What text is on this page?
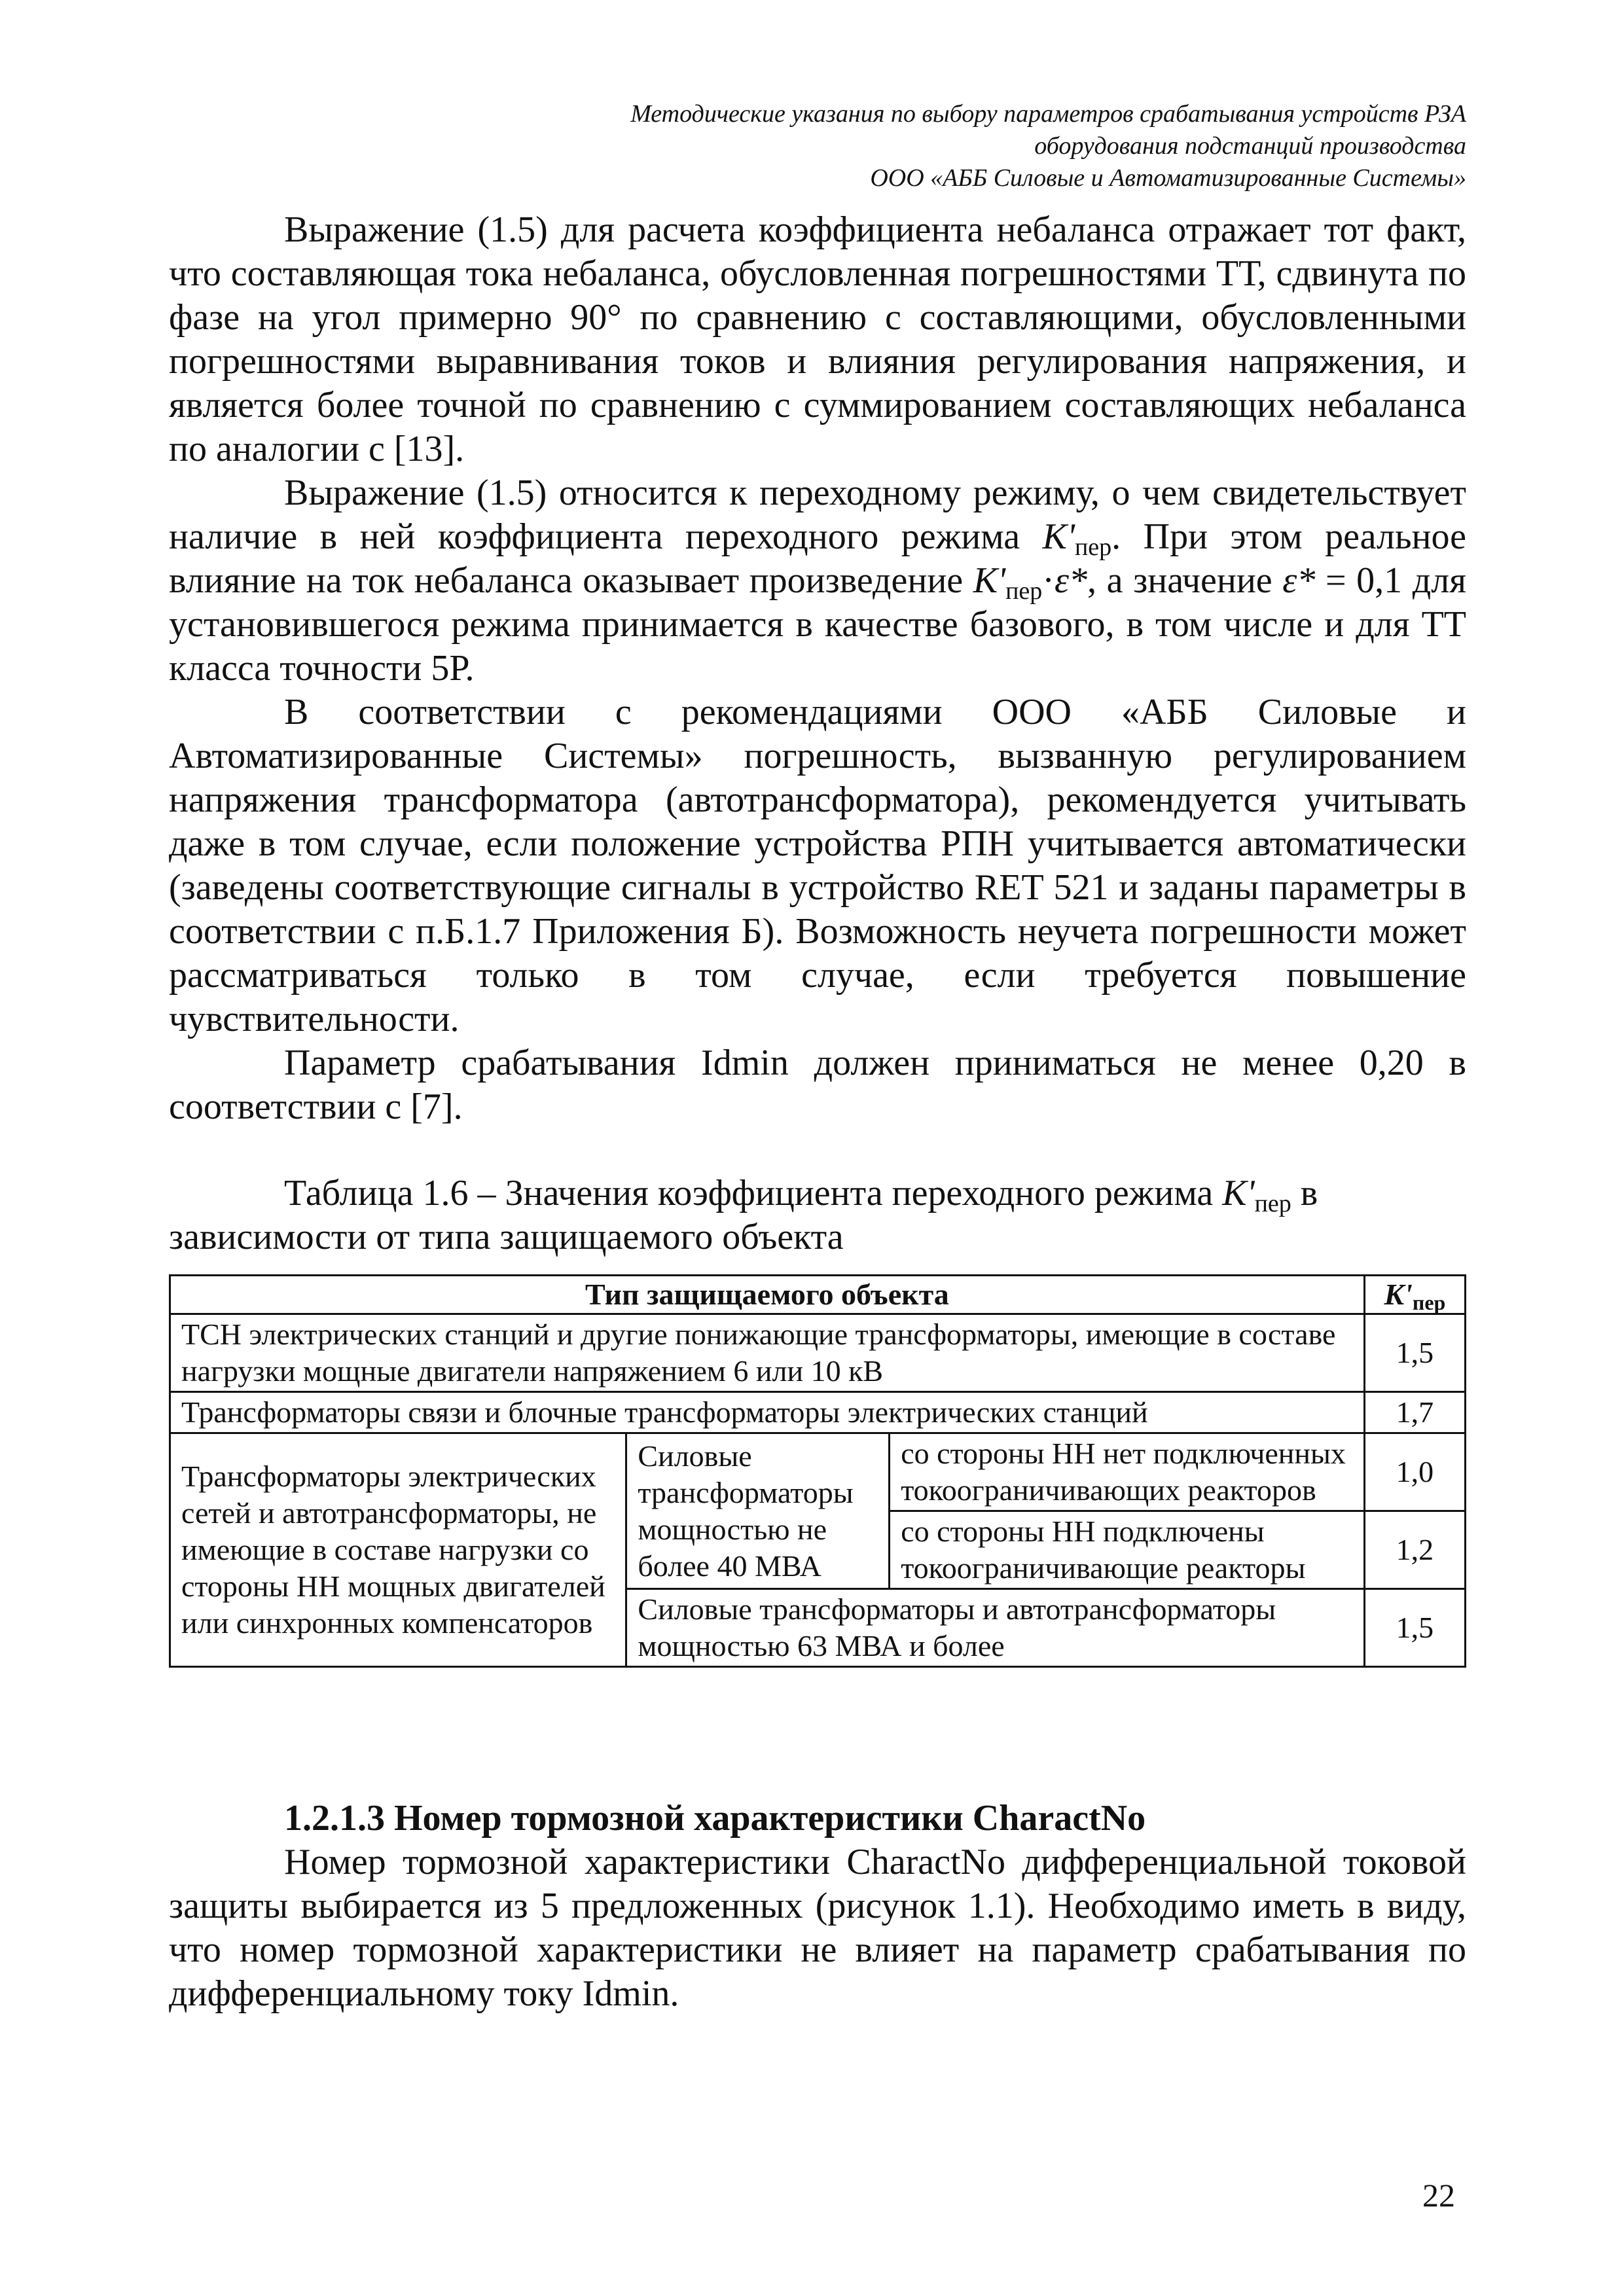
Методические указания по выбору параметров срабатывания устройств РЗА
оборудования подстанций производства
ООО «АББ Силовые и Автоматизированные Системы»

Выражение (1.5) для расчета коэффициента небаланса отражает тот факт, что составляющая тока небаланса, обусловленная погрешностями ТТ, сдвинута по фазе на угол примерно 90° по сравнению с составляющими, обусловленными погрешностями выравнивания токов и влияния регулирования напряжения, и является более точной по сравнению с суммированием составляющих небаланса по аналогии с [13].

Выражение (1.5) относится к переходному режиму, о чем свидетельствует наличие в ней коэффициента переходного режима $K'_{пер}$. При этом реальное влияние на ток небаланса оказывает произведение $K'_{пер}\cdot\varepsilon*$, а значение ε* = 0,1 для установившегося режима принимается в качестве базового, в том числе и для ТТ класса точности 5Р.

В соответствии с рекомендациями ООО «АББ Силовые и Автоматизированные Системы» погрешность, вызванную регулированием напряжения трансформатора (автотрансформатора), рекомендуется учитывать даже в том случае, если положение устройства РПН учитывается автоматически (заведены соответствующие сигналы в устройство RET 521 и заданы параметры в соответствии с п.Б.1.7 Приложения Б). Возможность неучета погрешности может рассматриваться только в том случае, если требуется повышение чувствительности.

Параметр срабатывания Idmin должен приниматься не менее 0,20 в соответствии с [7].

Таблица 1.6 – Значения коэффициента переходного режима $K'_{пер}$ в
зависимости от типа защищаемого объекта
Тип защищаемого объекта			$K'_{пер}$
ТСН электрических станций и другие понижающие трансформаторы, имеющие в составе нагрузки мощные двигатели напряжением 6 или 10 кВ			1,5
Трансформаторы связи и блочные трансформаторы электрических станций			1,7
Трансформаторы электрических сетей и автотрансформаторы, не имеющие в составе нагрузки со стороны НН мощных двигателей или синхронных компенсаторов	Силовые трансформаторы мощностью не более 40 МВА	со стороны НН нет подключенных токоограничивающих реакторов	1,0
		со стороны НН подключены токоограничивающие реакторы	1,2
	Силовые трансформаторы и автотрансформаторы мощностью 63 МВА и более		1,5
1.2.1.3 Номер тормозной характеристики CharactNo

Номер тормозной характеристики CharactNo дифференциальной токовой защиты выбирается из 5 предложенных (рисунок 1.1). Необходимо иметь в виду, что номер тормозной характеристики не влияет на параметр срабатывания по дифференциальному току Idmin.

22
